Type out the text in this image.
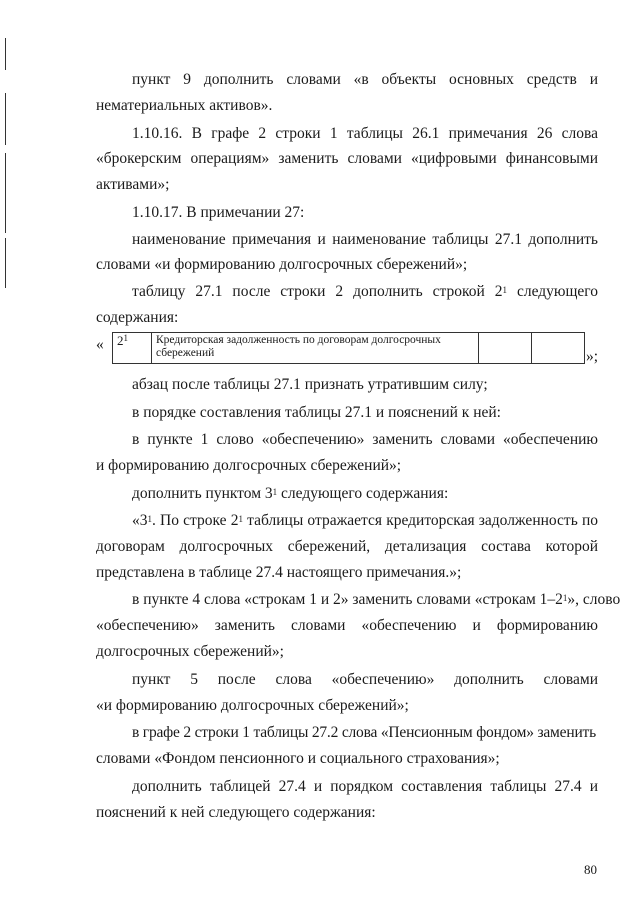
пункт 9 дополнить словами «в объекты основных средств и
нематериальных активов».
1.10.16. В графе 2 строки 1 таблицы 26.1 примечания 26 слова
«брокерским операциям» заменить словами «цифровыми финансовыми
активами»;
1.10.17. В примечании 27:
наименование примечания и наименование таблицы 27.1 дополнить
словами «и формированию долгосрочных сбережений»;
таблицу 27.1 после строки 2 дополнить строкой $2^1$ следующего
содержания:
« $2^1$	Кредиторская задолженность по договорам долгосрочных сбережений			»;
абзац после таблицы 27.1 признать утратившим силу;
в порядке составления таблицы 27.1 и пояснений к ней:
в пункте 1 слово «обеспечению» заменить словами «обеспечению
и формированию долгосрочных сбережений»;
дополнить пунктом $3^1$ следующего содержания:
«$3^1$. По строке $2^1$ таблицы отражается кредиторская задолженность по
договорам долгосрочных сбережений, детализация состава которой
представлена в таблице 27.4 настоящего примечания.»;
в пункте 4 слова «строкам 1 и 2» заменить словами «строкам $1-2^1$», слово
«обеспечению» заменить словами «обеспечению и формированию
долгосрочных сбережений»;
пункт 5 после слова «обеспечению» дополнить словами
«и формированию долгосрочных сбережений»;
в графе 2 строки 1 таблицы 27.2 слова «Пенсионным фондом» заменить
словами «Фондом пенсионного и социального страхования»;
дополнить таблицей 27.4 и порядком составления таблицы 27.4 и
пояснений к ней следующего содержания:
80
